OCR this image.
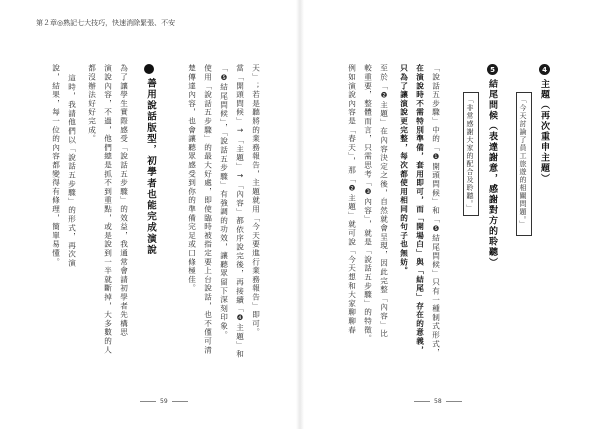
第２章◎熟記七大技巧，快速消除緊張、不安
4
主題（再次重申主題）
「今天討論了員工旅遊的相關問題。」
5
結尾問候（表達謝意，感謝對方的聆聽）
「非常感謝大家的配合及聆聽。」
「說話五步驟」中的「❶開頭問候」和「❺結尾問候」只有一種制式形式，
在演說時不需特別準備，套用即可，而「開場白」與「結尾」存在的意義，
只為了讓演說更完整，每次都使用相同的句子也無妨。
至於「❷主題」在內容決定之後，自然就會呈現，因此完整「內容」比
較重要，整體而言，只需思考「❸內容」，就是「說話五步驟」的特徵。
例如演說內容是「春天」，那「❷主題」就可說「今天想和大家聊聊春
58
天」；若是聽將的業務報告，主題就用「今天要進行業務報告」即可。
當「開頭問候」→「主題」→「內容」都依序說完後，再接續「❹主題」和
「❺結尾問候」，「說話五步驟」有強調的功效，讓聽眾留下深刻印象。
使用「說話五步驟」的最大好處，即使臨時被指定要上台說話，也不僅可清
楚傳達內容，也會讓聽眾感受到你的準備完足或口條極佳。
善用說話版型，初學者也能完成演說
為了讓學生實際感受「說話五步驟」的效益，我通常會請初學者先構思
演說內容，不過，他們總是抓不到重點，或是說到一半就斷掉，大多數的人
都沒辦法好好完成。
這時，我請他們以「說話五步驟」的形式，再次演
說，結果，每一位的內容都變得有條理，簡單易懂。
59
